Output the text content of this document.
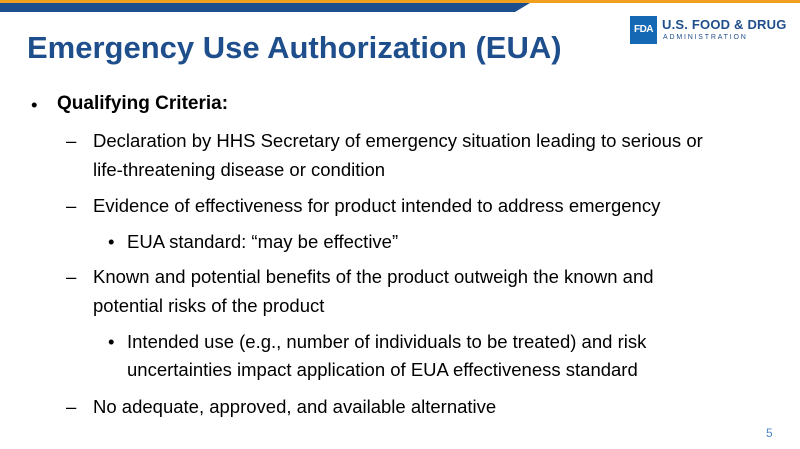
Emergency Use Authorization (EUA)
FDA U.S. FOOD & DRUG
ADMINISTRATION
• Qualifying Criteria:
– Declaration by HHS Secretary of emergency situation leading to serious or
life-threatening disease or condition
– Evidence of effectiveness for product intended to address emergency
• EUA standard: “may be effective”
– Known and potential benefits of the product outweigh the known and
potential risks of the product
• Intended use (e.g., number of individuals to be treated) and risk
uncertainties impact application of EUA effectiveness standard
– No adequate, approved, and available alternative
5
